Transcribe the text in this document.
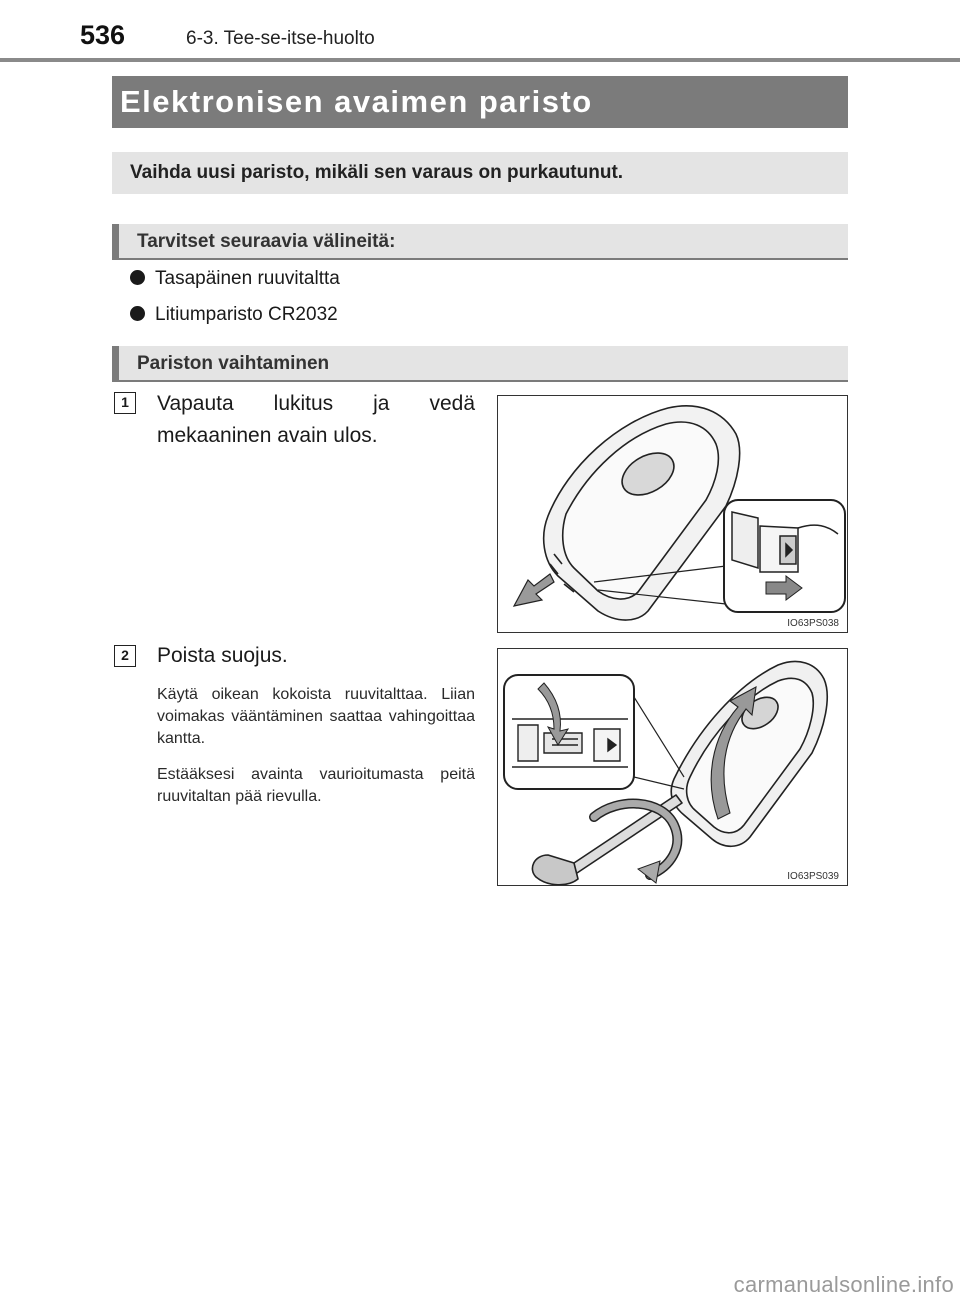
536	6-3. Tee-se-itse-huolto
Elektronisen avaimen paristo
Vaihda uusi paristo, mikäli sen varaus on purkautunut.
Tarvitset seuraavia välineitä:
Tasapäinen ruuvitaltta
Litiumparisto CR2032
Pariston vaihtaminen
1	Vapauta lukitus ja vedä mekaaninen avain ulos.
IO63PS038
2	Poista suojus.
Käytä oikean kokoista ruuvitalttaa. Liian voimakas vääntäminen saattaa vahingoittaa kantta.
Estääksesi avainta vaurioitumasta peitä ruuvitaltan pää rievulla.
IO63PS039
carmanualsonline.info
